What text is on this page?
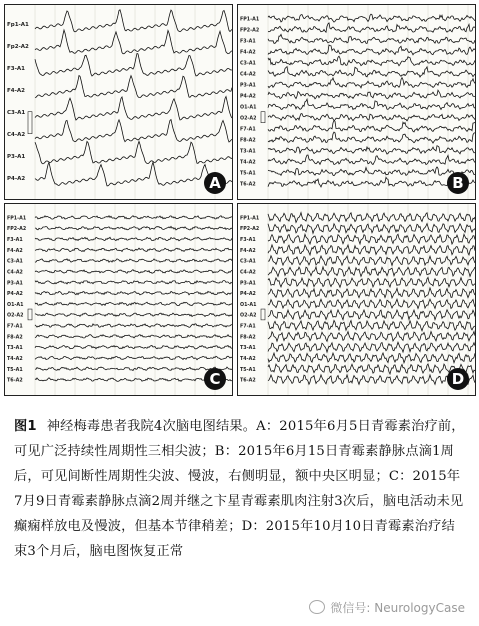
Fp1-A1
Fp2-A2
F3-A1
F4-A2
C3-A1
C4-A2
P3-A1
P4-A2	A
FP1-A1
FP2-A2
F3-A1
F4-A2
C3-A1
C4-A2
P3-A1
P4-A2
O1-A1
O2-A2
F7-A1
F8-A2
T3-A1
T4-A2
T5-A1
T6-A2	B
FP1-A1
FP2-A2
F3-A1
F4-A2
C3-A1
C4-A2
P3-A1
P4-A2
O1-A1
O2-A2
F7-A1
F8-A2
T3-A1
T4-A2
T5-A1
T6-A2	C
FP1-A1
FP2-A2
F3-A1
F4-A2
C3-A1
C4-A2
P3-A1
P4-A2
O1-A1
O2-A2
F7-A1
F8-A2
T3-A1
T4-A2
T5-A1
T6-A2	D
图1 神经梅毒患者我院4次脑电图结果。A：2015年6月5日青霉素治疗前，可见广泛持续性周期性三相尖波；B：2015年6月15日青霉素静脉点滴1周后，可见间断性周期性尖波、慢波，右侧明显，额中央区明显；C：2015年7月9日青霉素静脉点滴2周并继之卞星青霉素肌肉注射3次后，脑电活动未见癫痫样放电及慢波，但基本节律稍差；D：2015年10月10日青霉素治疗结束3个月后，脑电图恢复正常
微信号: NeurologyCase
